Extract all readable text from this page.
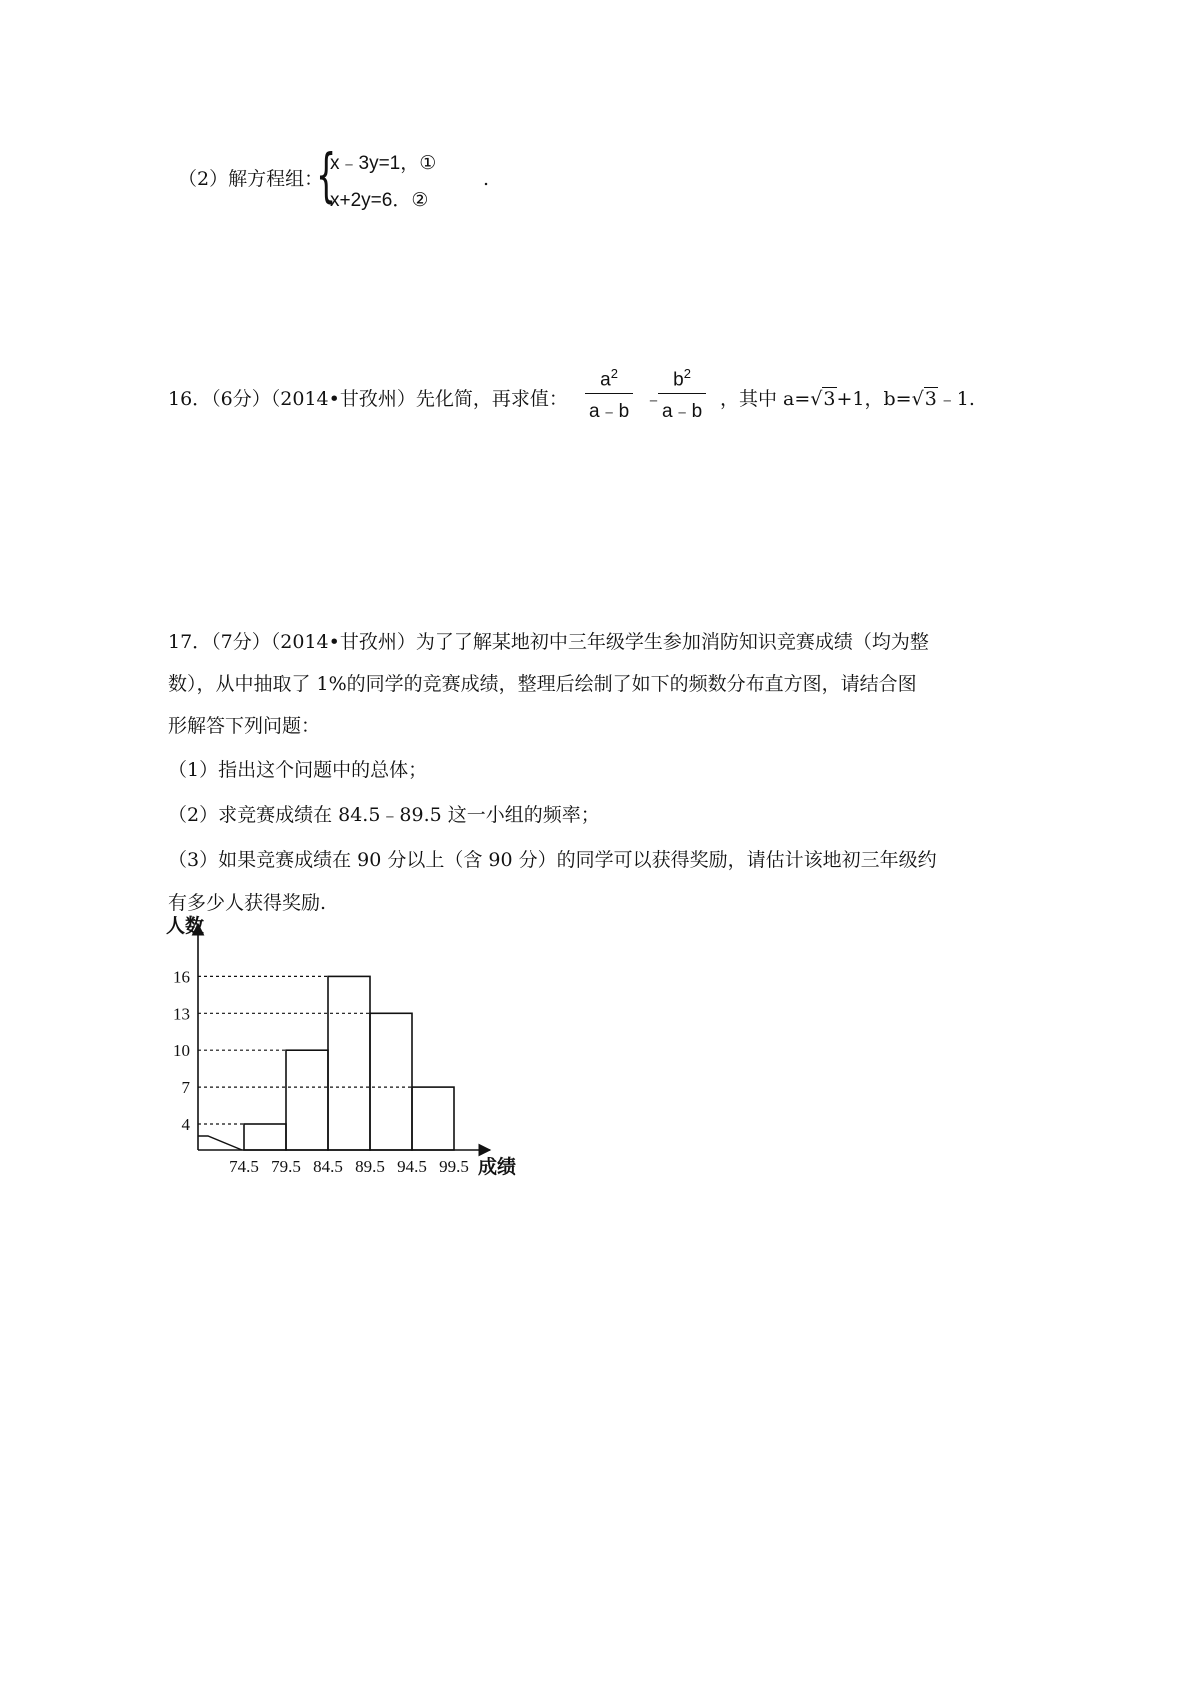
（2）解方程组：
{
x﹣3y=1，①
x+2y=6．②
.
16．（6分）（2014•甘孜州）先化简，再求值：
$a^2$
a﹣b
﹣
$b^2$
a﹣b
，其中 a=√3+1，b=√3﹣1.
17．（7分）（2014•甘孜州）为了了解某地初中三年级学生参加消防知识竞赛成绩（均为整
数），从中抽取了 1%的同学的竞赛成绩，整理后绘制了如下的频数分布直方图，请结合图
形解答下列问题：
（1）指出这个问题中的总体；
（2）求竞赛成绩在 84.5﹣89.5 这一小组的频率；
（3）如果竞赛成绩在 90 分以上（含 90 分）的同学可以获得奖励，请估计该地初三年级约
有多少人获得奖励.
4
7
10
13
16
74.5 79.5 84.5 89.5 94.5 99.5
人数
成绩
